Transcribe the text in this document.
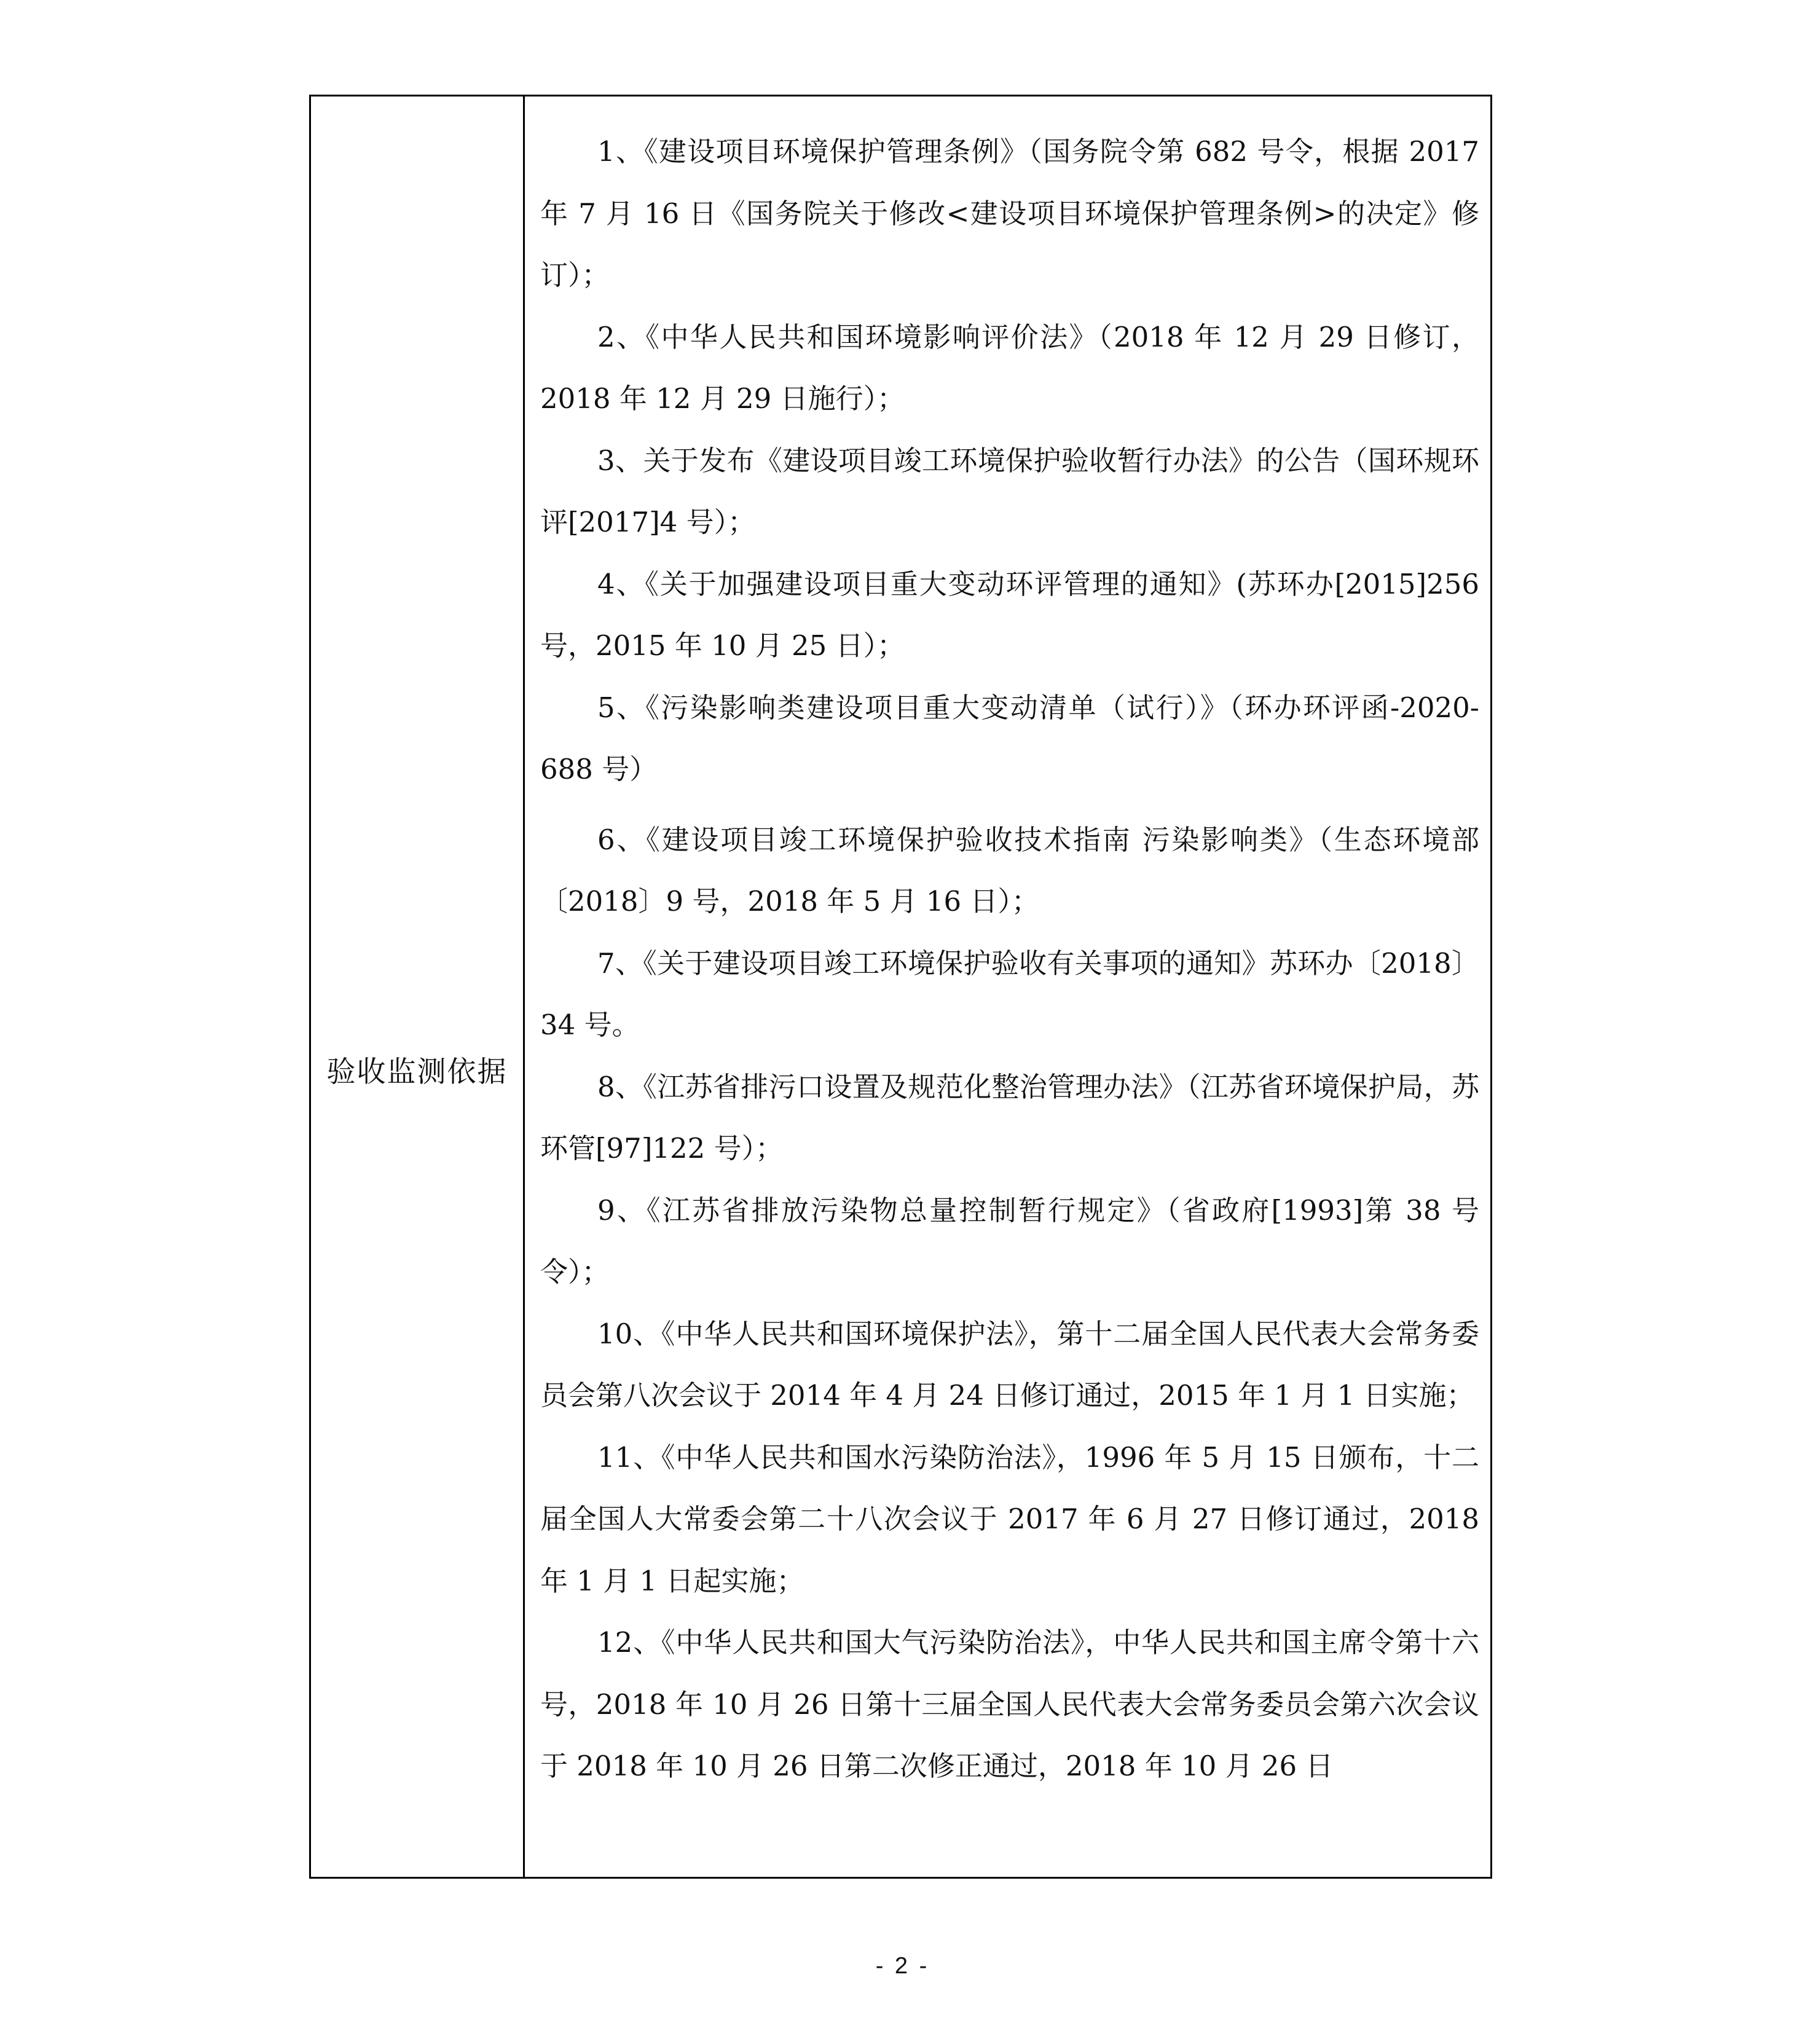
验收监测依据

1、《建设项目环境保护管理条例》（国务院令第 682 号令，根据 2017 年 7 月 16 日《国务院关于修改<建设项目环境保护管理条例>的决定》修订）；

2、《中华人民共和国环境影响评价法》（2018 年 12 月 29 日修订，2018 年 12 月 29 日施行）；

3、关于发布《建设项目竣工环境保护验收暂行办法》的公告（国环规环评[2017]4 号）；

4、《关于加强建设项目重大变动环评管理的通知》(苏环办[2015]256 号，2015 年 10 月 25 日）；

5、《污染影响类建设项目重大变动清单（试行）》（环办环评函-2020-688 号）

6、《建设项目竣工环境保护验收技术指南 污染影响类》（生态环境部〔2018〕9 号，2018 年 5 月 16 日）；

7、《关于建设项目竣工环境保护验收有关事项的通知》苏环办〔2018〕34 号。

8、《江苏省排污口设置及规范化整治管理办法》（江苏省环境保护局，苏环管[97]122 号）；

9、《江苏省排放污染物总量控制暂行规定》（省政府[1993]第 38 号令）；

10、《中华人民共和国环境保护法》，第十二届全国人民代表大会常务委员会第八次会议于 2014 年 4 月 24 日修订通过，2015 年 1 月 1 日实施；

11、《中华人民共和国水污染防治法》，1996 年 5 月 15 日颁布，十二届全国人大常委会第二十八次会议于 2017 年 6 月 27 日修订通过，2018 年 1 月 1 日起实施；

12、《中华人民共和国大气污染防治法》，中华人民共和国主席令第十六号，2018 年 10 月 26 日第十三届全国人民代表大会常务委员会第六次会议于 2018 年 10 月 26 日第二次修正通过，2018 年 10 月 26 日

- 2 -
